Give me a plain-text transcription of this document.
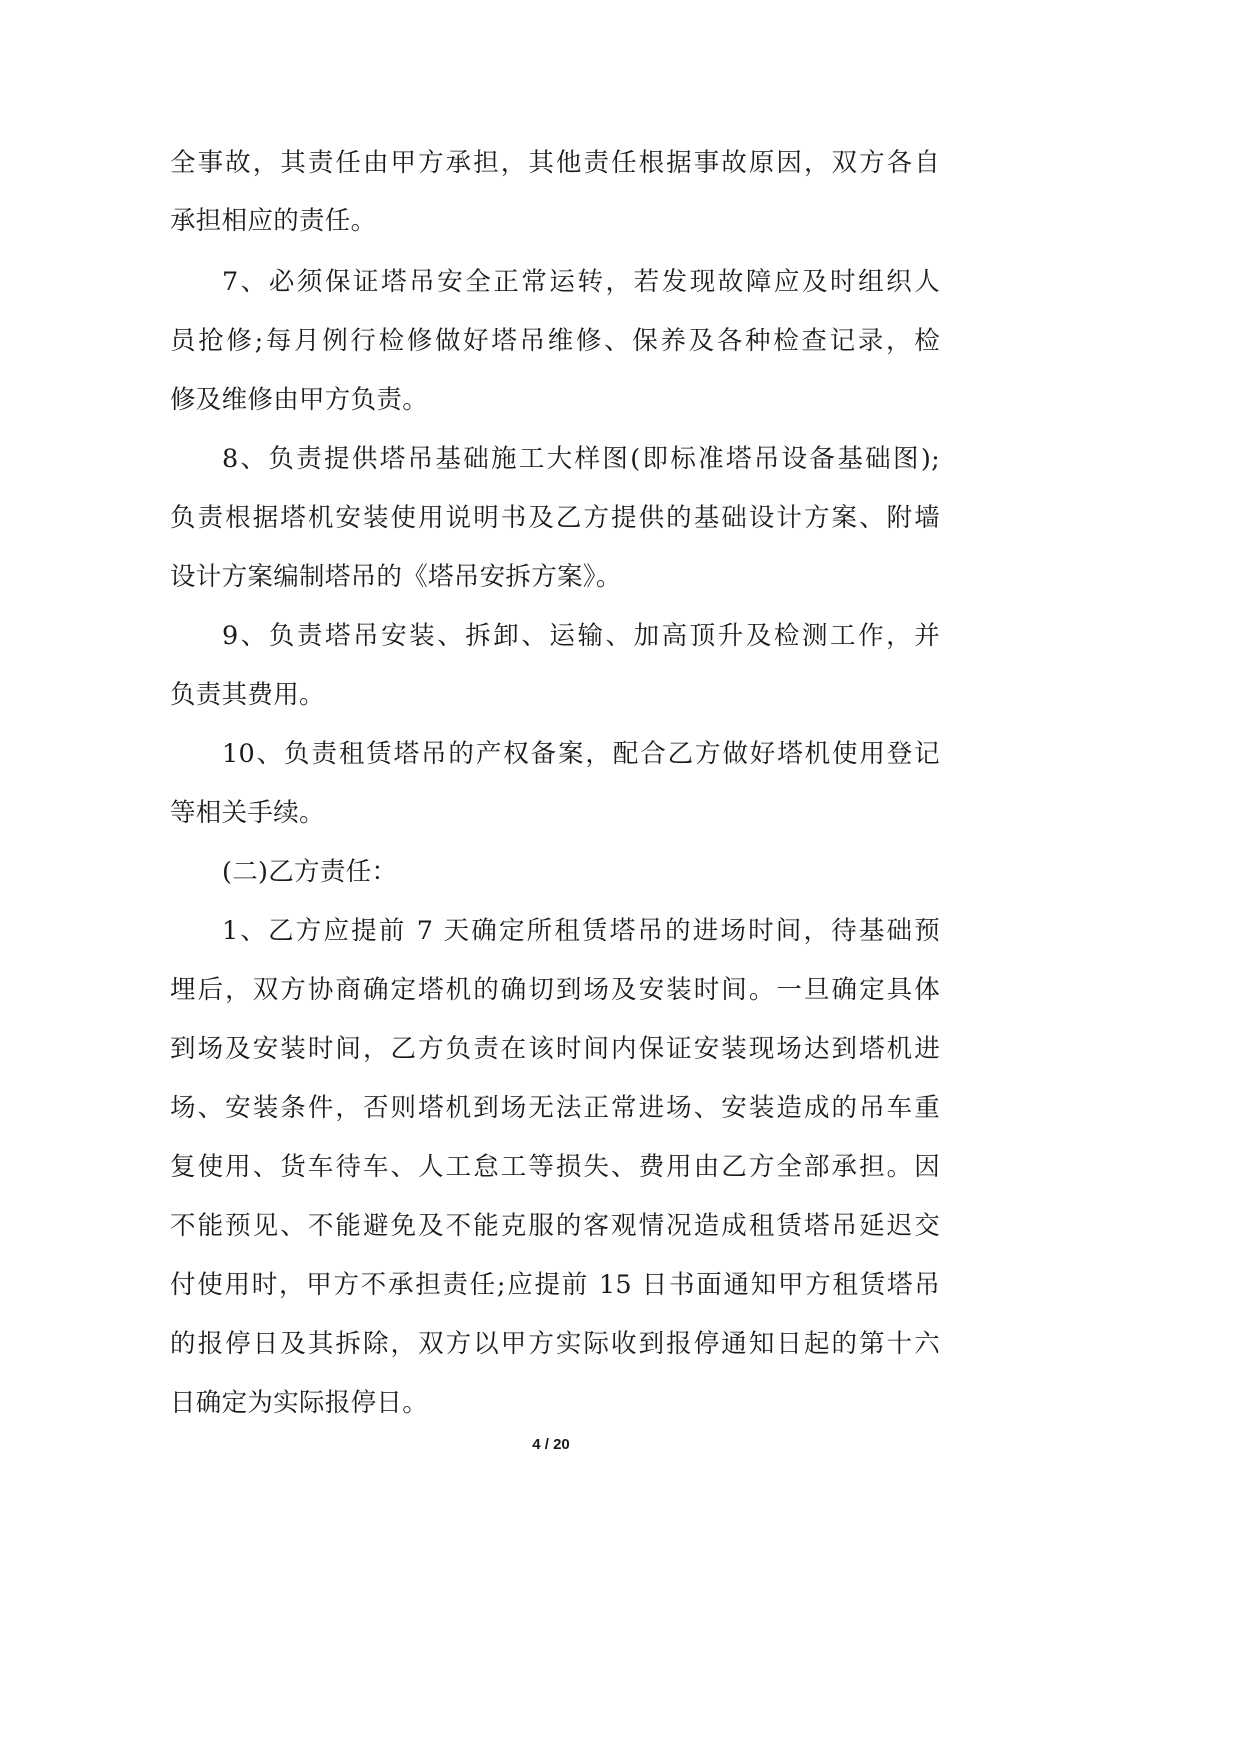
全事故，其责任由甲方承担，其他责任根据事故原因，双方各自
承担相应的责任。
7、必须保证塔吊安全正常运转，若发现故障应及时组织人
员抢修;每月例行检修做好塔吊维修、保养及各种检查记录，检
修及维修由甲方负责。
8、负责提供塔吊基础施工大样图(即标准塔吊设备基础图);
负责根据塔机安装使用说明书及乙方提供的基础设计方案、附墙
设计方案编制塔吊的《塔吊安拆方案》。
9、负责塔吊安装、拆卸、运输、加高顶升及检测工作，并
负责其费用。
10、负责租赁塔吊的产权备案，配合乙方做好塔机使用登记
等相关手续。
(二)乙方责任：
1、乙方应提前 7 天确定所租赁塔吊的进场时间，待基础预
埋后，双方协商确定塔机的确切到场及安装时间。一旦确定具体
到场及安装时间，乙方负责在该时间内保证安装现场达到塔机进
场、安装条件，否则塔机到场无法正常进场、安装造成的吊车重
复使用、货车待车、人工怠工等损失、费用由乙方全部承担。因
不能预见、不能避免及不能克服的客观情况造成租赁塔吊延迟交
付使用时，甲方不承担责任;应提前 15 日书面通知甲方租赁塔吊
的报停日及其拆除，双方以甲方实际收到报停通知日起的第十六
日确定为实际报停日。
4 / 20
